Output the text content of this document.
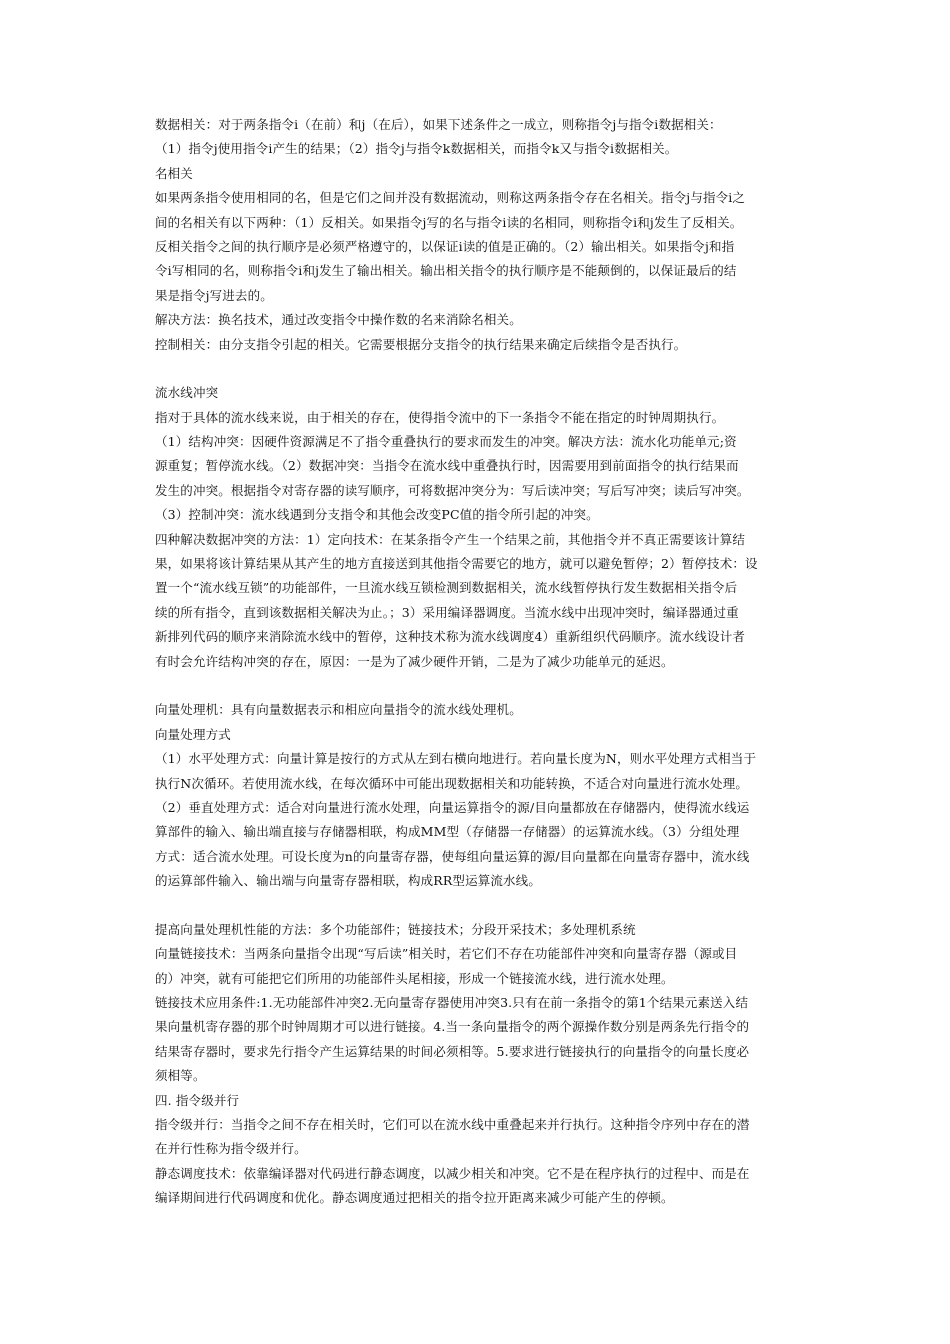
数据相关：对于两条指令i（在前）和j（在后），如果下述条件之一成立，则称指令j与指令i数据相关：
（1）指令j使用指令i产生的结果；（2）指令j与指令k数据相关，而指令k又与指令i数据相关。
名相关
如果两条指令使用相同的名，但是它们之间并没有数据流动，则称这两条指令存在名相关。指令j与指令i之
间的名相关有以下两种：（1）反相关。如果指令j写的名与指令i读的名相同，则称指令i和j发生了反相关。
反相关指令之间的执行顺序是必须严格遵守的，以保证i读的值是正确的。（2）输出相关。如果指令j和指
令i写相同的名，则称指令i和j发生了输出相关。输出相关指令的执行顺序是不能颠倒的，以保证最后的结
果是指令j写进去的。
解决方法：换名技术，通过改变指令中操作数的名来消除名相关。
控制相关：由分支指令引起的相关。它需要根据分支指令的执行结果来确定后续指令是否执行。
流水线冲突
指对于具体的流水线来说，由于相关的存在，使得指令流中的下一条指令不能在指定的时钟周期执行。
（1）结构冲突：因硬件资源满足不了指令重叠执行的要求而发生的冲突。解决方法：流水化功能单元;资
源重复；暂停流水线。（2）数据冲突：当指令在流水线中重叠执行时，因需要用到前面指令的执行结果而
发生的冲突。根据指令对寄存器的读写顺序，可将数据冲突分为：写后读冲突；写后写冲突；读后写冲突。
（3）控制冲突：流水线遇到分支指令和其他会改变PC值的指令所引起的冲突。
四种解决数据冲突的方法：1）定向技术：在某条指令产生一个结果之前，其他指令并不真正需要该计算结
果，如果将该计算结果从其产生的地方直接送到其他指令需要它的地方，就可以避免暂停；2）暂停技术：设
置一个“流水线互锁”的功能部件，一旦流水线互锁检测到数据相关，流水线暂停执行发生数据相关指令后
续的所有指令，直到该数据相关解决为止。；3）采用编译器调度。当流水线中出现冲突时，编译器通过重
新排列代码的顺序来消除流水线中的暂停，这种技术称为流水线调度4）重新组织代码顺序。流水线设计者
有时会允许结构冲突的存在，原因：一是为了减少硬件开销，二是为了减少功能单元的延迟。
向量处理机：具有向量数据表示和相应向量指令的流水线处理机。
向量处理方式
（1）水平处理方式：向量计算是按行的方式从左到右横向地进行。若向量长度为N，则水平处理方式相当于
执行N次循环。若使用流水线，在每次循环中可能出现数据相关和功能转换，不适合对向量进行流水处理。
（2）垂直处理方式：适合对向量进行流水处理，向量运算指令的源/目向量都放在存储器内，使得流水线运
算部件的输入、输出端直接与存储器相联，构成MM型（存储器一存储器）的运算流水线。（3）分组处理
方式：适合流水处理。可设长度为n的向量寄存器，使每组向量运算的源/目向量都在向量寄存器中，流水线
的运算部件输入、输出端与向量寄存器相联，构成RR型运算流水线。
提高向量处理机性能的方法：多个功能部件；链接技术；分段开采技术；多处理机系统
向量链接技术：当两条向量指令出现“写后读”相关时，若它们不存在功能部件冲突和向量寄存器（源或目
的）冲突，就有可能把它们所用的功能部件头尾相接，形成一个链接流水线，进行流水处理。
链接技术应用条件:1.无功能部件冲突2.无向量寄存器使用冲突3.只有在前一条指令的第1个结果元素送入结
果向量机寄存器的那个时钟周期才可以进行链接。4.当一条向量指令的两个源操作数分别是两条先行指令的
结果寄存器时，要求先行指令产生运算结果的时间必须相等。5.要求进行链接执行的向量指令的向量长度必
须相等。
四. 指令级并行
指令级并行：当指令之间不存在相关时，它们可以在流水线中重叠起来并行执行。这种指令序列中存在的潜
在并行性称为指令级并行。
静态调度技术：依靠编译器对代码进行静态调度，以减少相关和冲突。它不是在程序执行的过程中、而是在
编译期间进行代码调度和优化。静态调度通过把相关的指令拉开距离来减少可能产生的停顿。
